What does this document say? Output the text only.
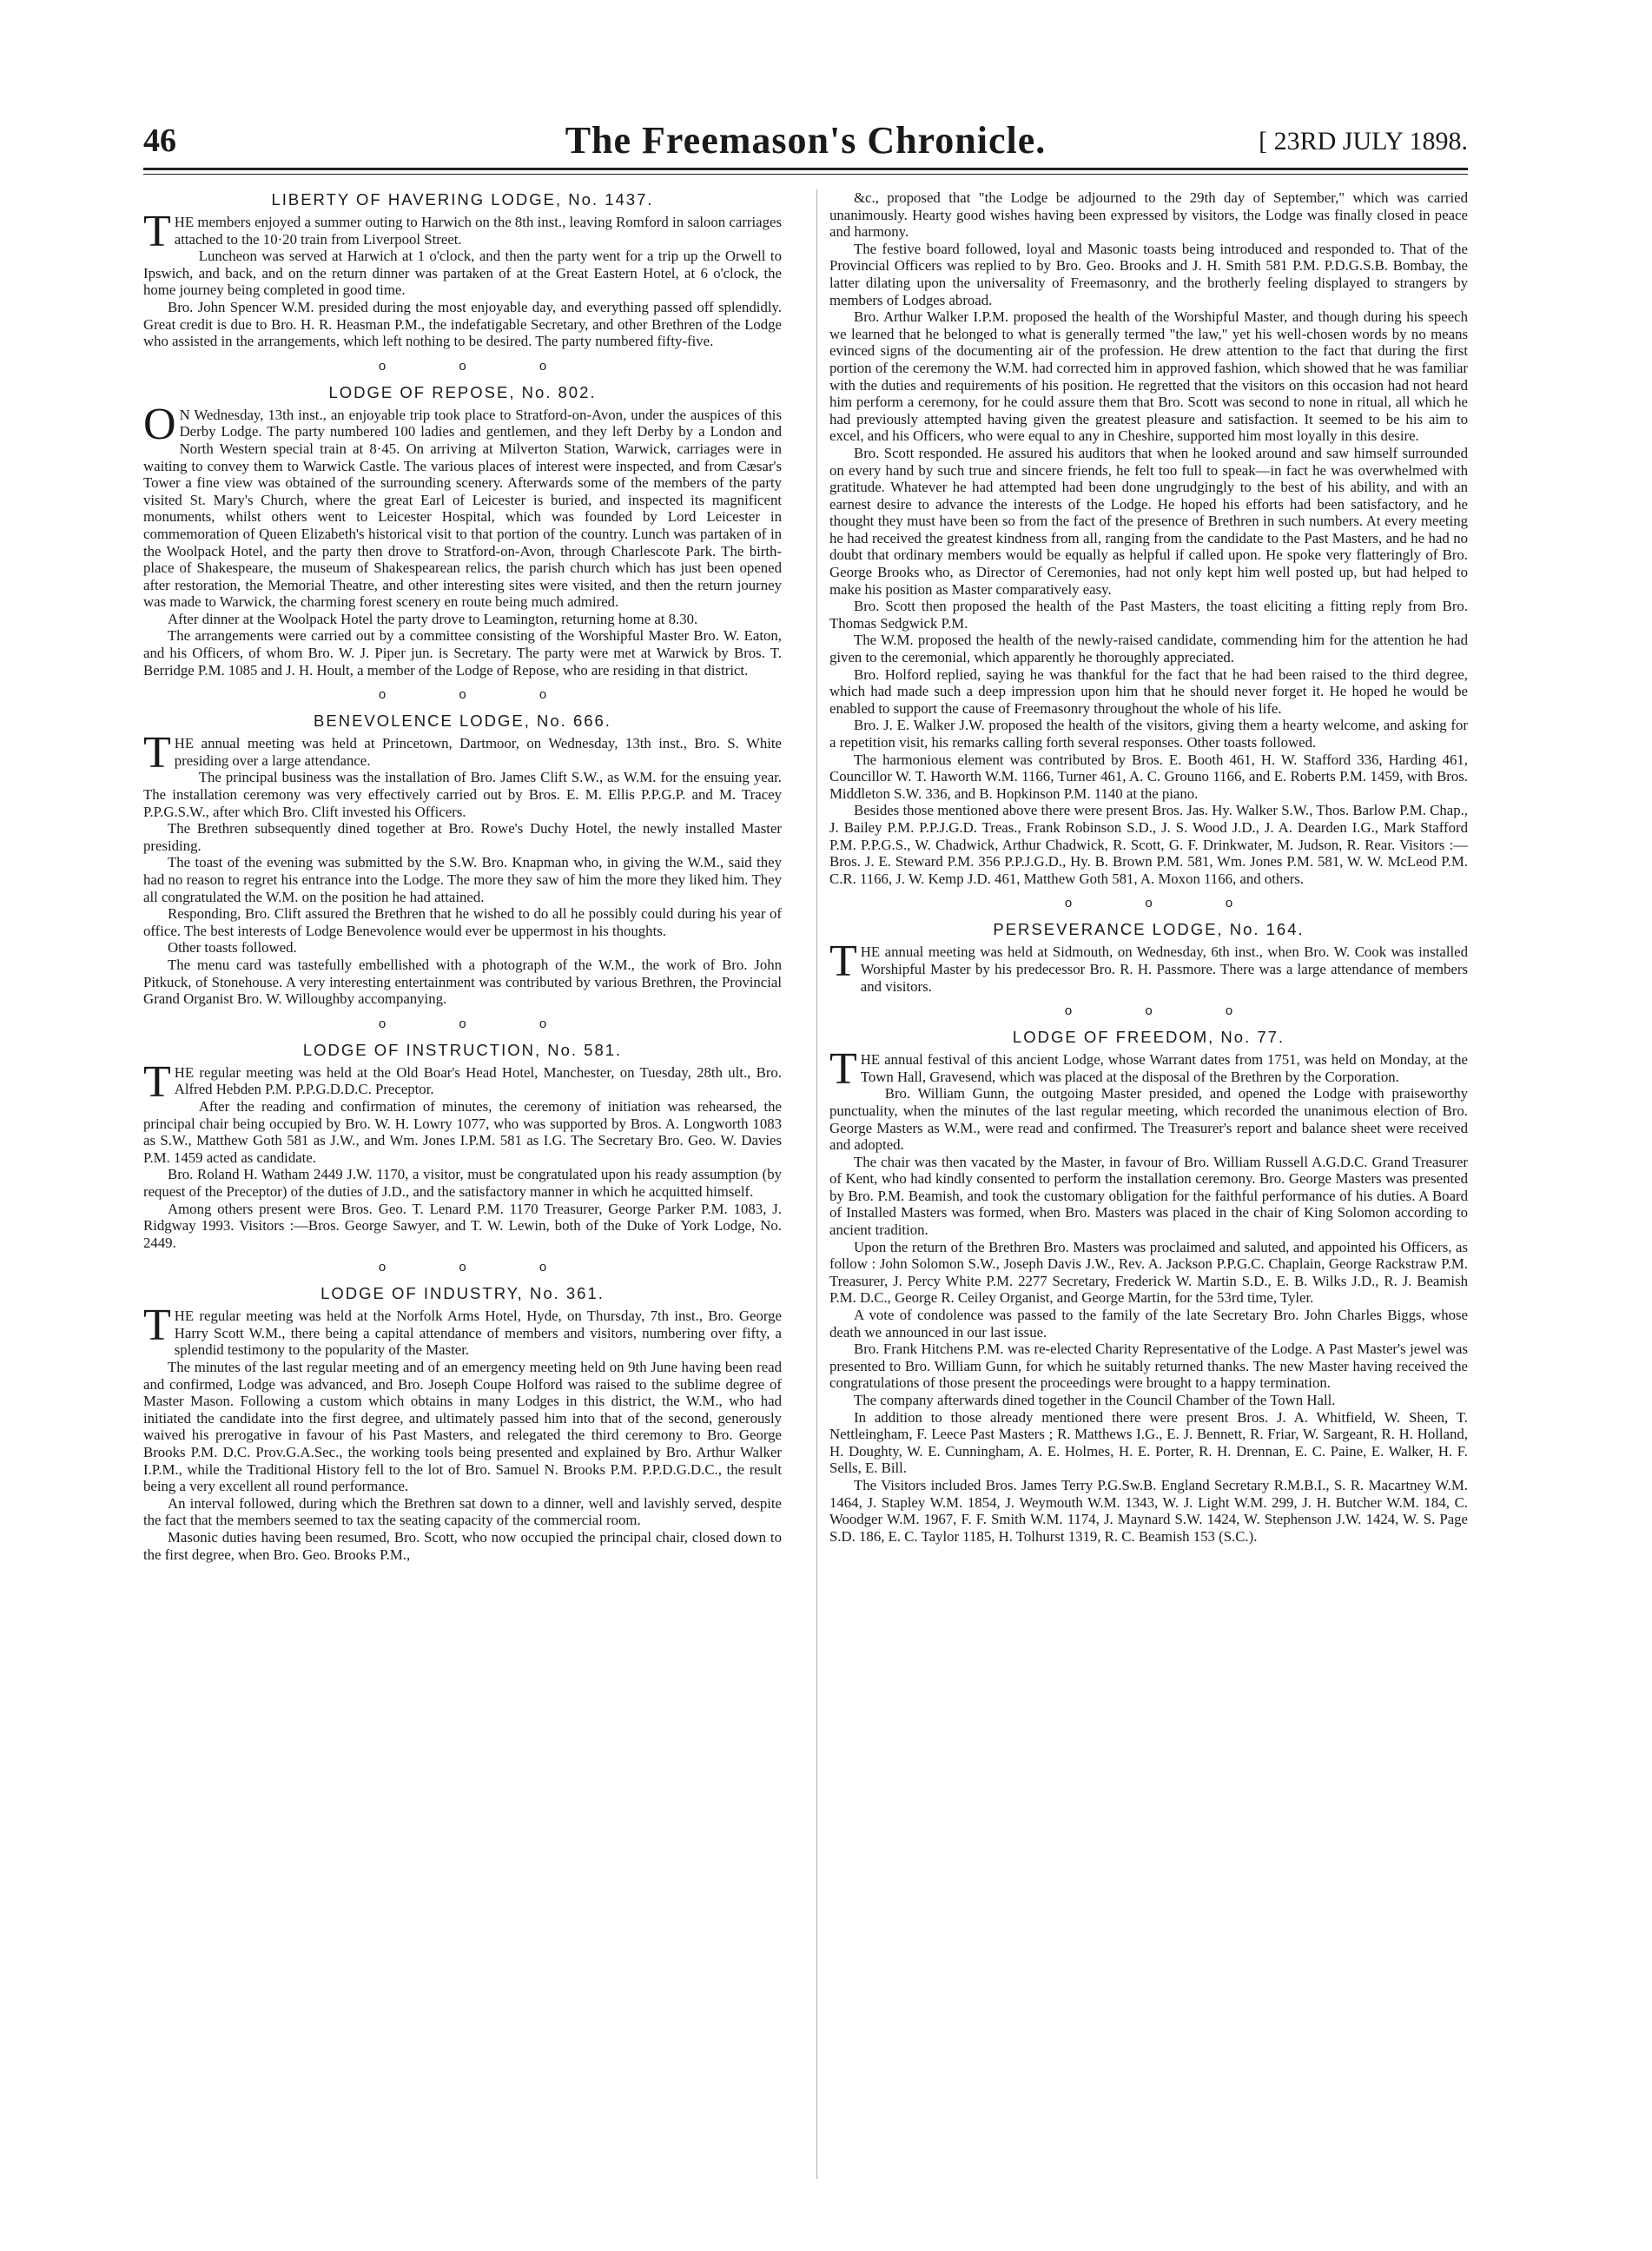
46	The Freemason's Chronicle.	[ 23RD JULY 1898.
LIBERTY OF HAVERING LODGE, No. 1437.

THE members enjoyed a summer outing to Harwich on the 8th inst., leaving Romford in saloon carriages attached to the 10·20 train from Liverpool Street.

Luncheon was served at Harwich at 1 o'clock, and then the party went for a trip up the Orwell to Ipswich, and back, and on the return dinner was partaken of at the Great Eastern Hotel, at 6 o'clock, the home journey being completed in good time.

Bro. John Spencer W.M. presided during the most enjoyable day, and everything passed off splendidly. Great credit is due to Bro. H. R. Heasman P.M., the indefatigable Secretary, and other Brethren of the Lodge who assisted in the arrangements, which left nothing to be desired. The party numbered fifty-five.

o o o
LODGE OF REPOSE, No. 802.

ON Wednesday, 13th inst., an enjoyable trip took place to Stratford-on-Avon, under the auspices of this Derby Lodge. The party numbered 100 ladies and gentlemen, and they left Derby by a London and North Western special train at 8·45. On arriving at Milverton Station, Warwick, carriages were in waiting to convey them to Warwick Castle. The various places of interest were inspected, and from Cæsar's Tower a fine view was obtained of the surrounding scenery. Afterwards some of the members of the party visited St. Mary's Church, where the great Earl of Leicester is buried, and inspected its magnificent monuments, whilst others went to Leicester Hospital, which was founded by Lord Leicester in commemoration of Queen Elizabeth's historical visit to that portion of the country. Lunch was partaken of in the Woolpack Hotel, and the party then drove to Stratford-on-Avon, through Charlescote Park. The birth-place of Shakespeare, the museum of Shakespearean relics, the parish church which has just been opened after restoration, the Memorial Theatre, and other interesting sites were visited, and then the return journey was made to Warwick, the charming forest scenery en route being much admired.

After dinner at the Woolpack Hotel the party drove to Leamington, returning home at 8.30.

The arrangements were carried out by a committee consisting of the Worshipful Master Bro. W. Eaton, and his Officers, of whom Bro. W. J. Piper jun. is Secretary. The party were met at Warwick by Bros. T. Berridge P.M. 1085 and J. H. Hoult, a member of the Lodge of Repose, who are residing in that district.

o o o
BENEVOLENCE LODGE, No. 666.

THE annual meeting was held at Princetown, Dartmoor, on Wednesday, 13th inst., Bro. S. White presiding over a large attendance.

The principal business was the installation of Bro. James Clift S.W., as W.M. for the ensuing year. The installation ceremony was very effectively carried out by Bros. E. M. Ellis P.P.G.P. and M. Tracey P.P.G.S.W., after which Bro. Clift invested his Officers.

The Brethren subsequently dined together at Bro. Rowe's Duchy Hotel, the newly installed Master presiding.

The toast of the evening was submitted by the S.W. Bro. Knapman who, in giving the W.M., said they had no reason to regret his entrance into the Lodge. The more they saw of him the more they liked him. They all congratulated the W.M. on the position he had attained.

Responding, Bro. Clift assured the Brethren that he wished to do all he possibly could during his year of office. The best interests of Lodge Benevolence would ever be uppermost in his thoughts.

Other toasts followed.

The menu card was tastefully embellished with a photograph of the W.M., the work of Bro. John Pitkuck, of Stonehouse. A very interesting entertainment was contributed by various Brethren, the Provincial Grand Organist Bro. W. Willoughby accompanying.

o o o
LODGE OF INSTRUCTION, No. 581.

THE regular meeting was held at the Old Boar's Head Hotel, Manchester, on Tuesday, 28th ult., Bro. Alfred Hebden P.M. P.P.G.D.D.C. Preceptor.

After the reading and confirmation of minutes, the ceremony of initiation was rehearsed, the principal chair being occupied by Bro. W. H. Lowry 1077, who was supported by Bros. A. Longworth 1083 as S.W., Matthew Goth 581 as J.W., and Wm. Jones I.P.M. 581 as I.G. The Secretary Bro. Geo. W. Davies P.M. 1459 acted as candidate.

Bro. Roland H. Watham 2449 J.W. 1170, a visitor, must be congratulated upon his ready assumption (by request of the Preceptor) of the duties of J.D., and the satisfactory manner in which he acquitted himself.

Among others present were Bros. Geo. T. Lenard P.M. 1170 Treasurer, George Parker P.M. 1083, J. Ridgway 1993. Visitors :—Bros. George Sawyer, and T. W. Lewin, both of the Duke of York Lodge, No. 2449.

o o o
LODGE OF INDUSTRY, No. 361.

THE regular meeting was held at the Norfolk Arms Hotel, Hyde, on Thursday, 7th inst., Bro. George Harry Scott W.M., there being a capital attendance of members and visitors, numbering over fifty, a splendid testimony to the popularity of the Master.

The minutes of the last regular meeting and of an emergency meeting held on 9th June having been read and confirmed, Lodge was advanced, and Bro. Joseph Coupe Holford was raised to the sublime degree of Master Mason. Following a custom which obtains in many Lodges in this district, the W.M., who had initiated the candidate into the first degree, and ultimately passed him into that of the second, generously waived his prerogative in favour of his Past Masters, and relegated the third ceremony to Bro. George Brooks P.M. D.C. Prov.G.A.Sec., the working tools being presented and explained by Bro. Arthur Walker I.P.M., while the Traditional History fell to the lot of Bro. Samuel N. Brooks P.M. P.P.D.G.D.C., the result being a very excellent all round performance.

An interval followed, during which the Brethren sat down to a dinner, well and lavishly served, despite the fact that the members seemed to tax the seating capacity of the commercial room.

Masonic duties having been resumed, Bro. Scott, who now occupied the principal chair, closed down to the first degree, when Bro. Geo. Brooks P.M.,

&c., proposed that "the Lodge be adjourned to the 29th day of September," which was carried unanimously. Hearty good wishes having been expressed by visitors, the Lodge was finally closed in peace and harmony.

The festive board followed, loyal and Masonic toasts being introduced and responded to. That of the Provincial Officers was replied to by Bro. Geo. Brooks and J. H. Smith 581 P.M. P.D.G.S.B. Bombay, the latter dilating upon the universality of Freemasonry, and the brotherly feeling displayed to strangers by members of Lodges abroad.

Bro. Arthur Walker I.P.M. proposed the health of the Worshipful Master, and though during his speech we learned that he belonged to what is generally termed "the law," yet his well-chosen words by no means evinced signs of the documenting air of the profession. He drew attention to the fact that during the first portion of the ceremony the W.M. had corrected him in approved fashion, which showed that he was familiar with the duties and requirements of his position. He regretted that the visitors on this occasion had not heard him perform a ceremony, for he could assure them that Bro. Scott was second to none in ritual, all which he had previously attempted having given the greatest pleasure and satisfaction. It seemed to be his aim to excel, and his Officers, who were equal to any in Cheshire, supported him most loyally in this desire.

Bro. Scott responded. He assured his auditors that when he looked around and saw himself surrounded on every hand by such true and sincere friends, he felt too full to speak—in fact he was overwhelmed with gratitude. Whatever he had attempted had been done ungrudgingly to the best of his ability, and with an earnest desire to advance the interests of the Lodge. He hoped his efforts had been satisfactory, and he thought they must have been so from the fact of the presence of Brethren in such numbers. At every meeting he had received the greatest kindness from all, ranging from the candidate to the Past Masters, and he had no doubt that ordinary members would be equally as helpful if called upon. He spoke very flatteringly of Bro. George Brooks who, as Director of Ceremonies, had not only kept him well posted up, but had helped to make his position as Master comparatively easy.

Bro. Scott then proposed the health of the Past Masters, the toast eliciting a fitting reply from Bro. Thomas Sedgwick P.M.

The W.M. proposed the health of the newly-raised candidate, commending him for the attention he had given to the ceremonial, which apparently he thoroughly appreciated.

Bro. Holford replied, saying he was thankful for the fact that he had been raised to the third degree, which had made such a deep impression upon him that he should never forget it. He hoped he would be enabled to support the cause of Freemasonry throughout the whole of his life.

Bro. J. E. Walker J.W. proposed the health of the visitors, giving them a hearty welcome, and asking for a repetition visit, his remarks calling forth several responses. Other toasts followed.

The harmonious element was contributed by Bros. E. Booth 461, H. W. Stafford 336, Harding 461, Councillor W. T. Haworth W.M. 1166, Turner 461, A. C. Grouno 1166, and E. Roberts P.M. 1459, with Bros. Middleton S.W. 336, and B. Hopkinson P.M. 1140 at the piano.

Besides those mentioned above there were present Bros. Jas. Hy. Walker S.W., Thos. Barlow P.M. Chap., J. Bailey P.M. P.P.J.G.D. Treas., Frank Robinson S.D., J. S. Wood J.D., J. A. Dearden I.G., Mark Stafford P.M. P.P.G.S., W. Chadwick, Arthur Chadwick, R. Scott, G. F. Drinkwater, M. Judson, R. Rear. Visitors :—Bros. J. E. Steward P.M. 356 P.P.J.G.D., Hy. B. Brown P.M. 581, Wm. Jones P.M. 581, W. W. McLeod P.M. C.R. 1166, J. W. Kemp J.D. 461, Matthew Goth 581, A. Moxon 1166, and others.

o o o
PERSEVERANCE LODGE, No. 164.

THE annual meeting was held at Sidmouth, on Wednesday, 6th inst., when Bro. W. Cook was installed Worshipful Master by his predecessor Bro. R. H. Passmore. There was a large attendance of members and visitors.

o o o
LODGE OF FREEDOM, No. 77.

THE annual festival of this ancient Lodge, whose Warrant dates from 1751, was held on Monday, at the Town Hall, Gravesend, which was placed at the disposal of the Brethren by the Corporation.

Bro. William Gunn, the outgoing Master presided, and opened the Lodge with praiseworthy punctuality, when the minutes of the last regular meeting, which recorded the unanimous election of Bro. George Masters as W.M., were read and confirmed. The Treasurer's report and balance sheet were received and adopted.

The chair was then vacated by the Master, in favour of Bro. William Russell A.G.D.C. Grand Treasurer of Kent, who had kindly consented to perform the installation ceremony. Bro. George Masters was presented by Bro. P.M. Beamish, and took the customary obligation for the faithful performance of his duties. A Board of Installed Masters was formed, when Bro. Masters was placed in the chair of King Solomon according to ancient tradition.

Upon the return of the Brethren Bro. Masters was proclaimed and saluted, and appointed his Officers, as follow : John Solomon S.W., Joseph Davis J.W., Rev. A. Jackson P.P.G.C. Chaplain, George Rackstraw P.M. Treasurer, J. Percy White P.M. 2277 Secretary, Frederick W. Martin S.D., E. B. Wilks J.D., R. J. Beamish P.M. D.C., George R. Ceiley Organist, and George Martin, for the 53rd time, Tyler.

A vote of condolence was passed to the family of the late Secretary Bro. John Charles Biggs, whose death we announced in our last issue.

Bro. Frank Hitchens P.M. was re-elected Charity Representative of the Lodge. A Past Master's jewel was presented to Bro. William Gunn, for which he suitably returned thanks. The new Master having received the congratulations of those present the proceedings were brought to a happy termination.

The company afterwards dined together in the Council Chamber of the Town Hall.

In addition to those already mentioned there were present Bros. J. A. Whitfield, W. Sheen, T. Nettleingham, F. Leece Past Masters ; R. Matthews I.G., E. J. Bennett, R. Friar, W. Sargeant, R. H. Holland, H. Doughty, W. E. Cunningham, A. E. Holmes, H. E. Porter, R. H. Drennan, E. C. Paine, E. Walker, H. F. Sells, E. Bill.

The Visitors included Bros. James Terry P.G.Sw.B. England Secretary R.M.B.I., S. R. Macartney W.M. 1464, J. Stapley W.M. 1854, J. Weymouth W.M. 1343, W. J. Light W.M. 299, J. H. Butcher W.M. 184, C. Woodger W.M. 1967, F. F. Smith W.M. 1174, J. Maynard S.W. 1424, W. Stephenson J.W. 1424, W. S. Page S.D. 186, E. C. Taylor 1185, H. Tolhurst 1319, R. C. Beamish 153 (S.C.).
